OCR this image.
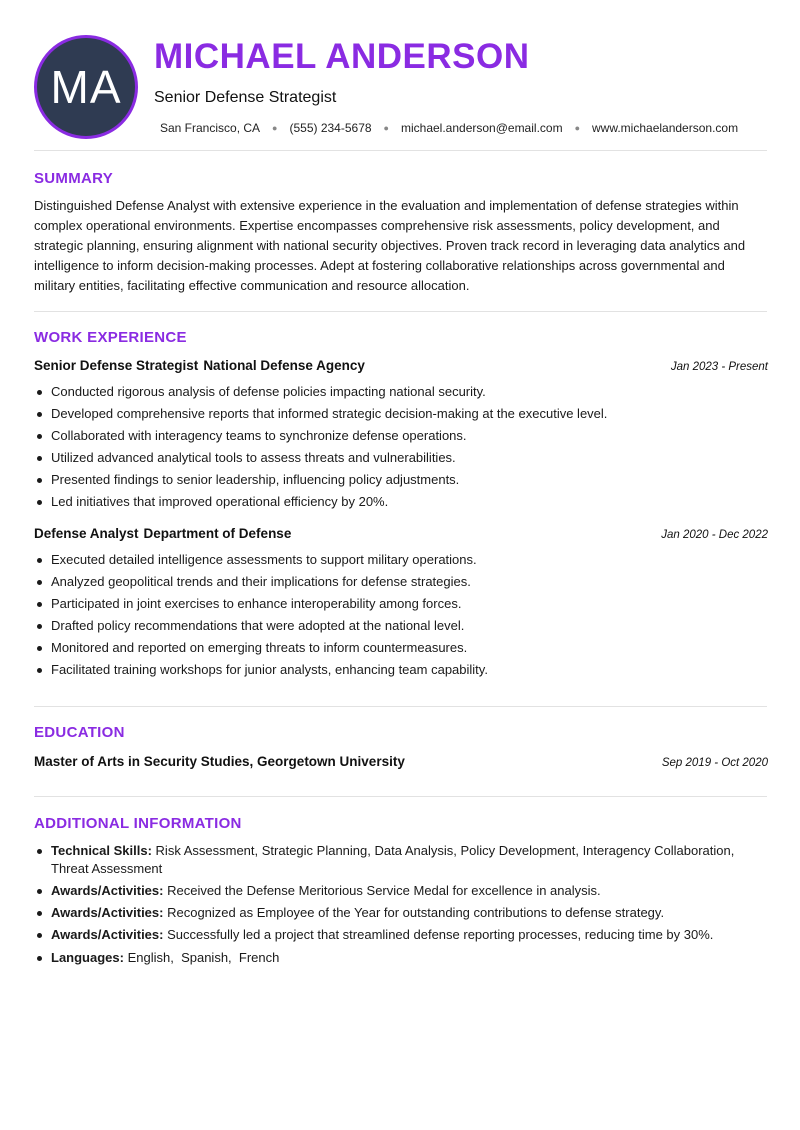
MA
MICHAEL ANDERSON
Senior Defense Strategist
San Francisco, CA ● (555) 234-5678 ● michael.anderson@email.com ● www.michaelanderson.com
SUMMARY

Distinguished Defense Analyst with extensive experience in the evaluation and implementation of defense strategies within complex operational environments. Expertise encompasses comprehensive risk assessments, policy development, and strategic planning, ensuring alignment with national security objectives. Proven track record in leveraging data analytics and intelligence to inform decision-making processes. Adept at fostering collaborative relationships across governmental and military entities, facilitating effective communication and resource allocation.

WORK EXPERIENCE
Senior Defense Strategist National Defense Agency	Jan 2023 - Present
Conducted rigorous analysis of defense policies impacting national security.
Developed comprehensive reports that informed strategic decision-making at the executive level.
Collaborated with interagency teams to synchronize defense operations.
Utilized advanced analytical tools to assess threats and vulnerabilities.
Presented findings to senior leadership, influencing policy adjustments.
Led initiatives that improved operational efficiency by 20%.
Defense Analyst Department of Defense	Jan 2020 - Dec 2022
Executed detailed intelligence assessments to support military operations.
Analyzed geopolitical trends and their implications for defense strategies.
Participated in joint exercises to enhance interoperability among forces.
Drafted policy recommendations that were adopted at the national level.
Monitored and reported on emerging threats to inform countermeasures.
Facilitated training workshops for junior analysts, enhancing team capability.
EDUCATION
Master of Arts in Security Studies, Georgetown University	Sep 2019 - Oct 2020
ADDITIONAL INFORMATION
Technical Skills: Risk Assessment, Strategic Planning, Data Analysis, Policy Development, Interagency Collaboration, Threat Assessment
Awards/Activities: Received the Defense Meritorious Service Medal for excellence in analysis.
Awards/Activities: Recognized as Employee of the Year for outstanding contributions to defense strategy.
Awards/Activities: Successfully led a project that streamlined defense reporting processes, reducing time by 30%.
Languages: English,  Spanish,  French
